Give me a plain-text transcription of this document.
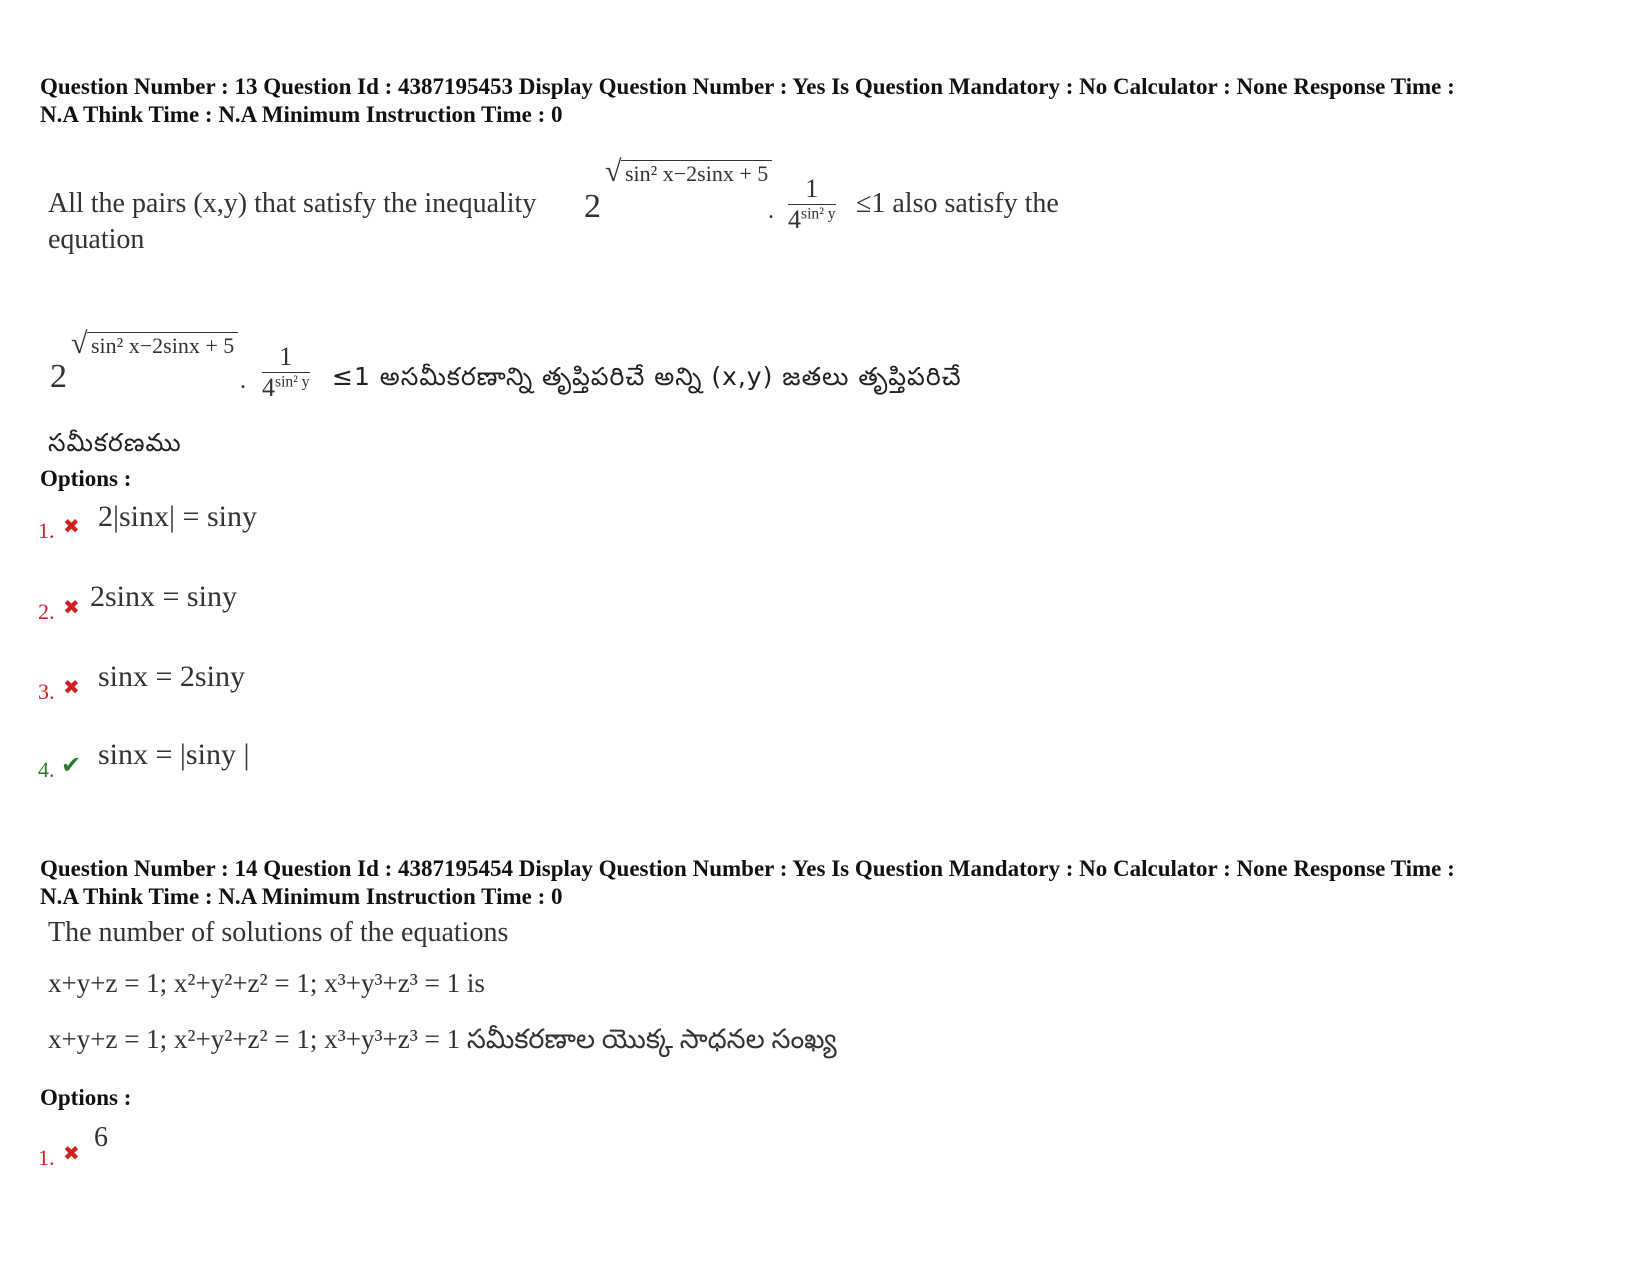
Question Number : 13 Question Id : 4387195453 Display Question Number : Yes Is Question Mandatory : No Calculator : None Response Time :
N.A Think Time : N.A Minimum Instruction Time : 0
All the pairs (x,y) that satisfy the inequality 2 √ sin² x−2sinx + 5
. $\frac{1}{4^{sin^2 y}} \le 1$ also satisfy the
equation
2 √ sin² x−2sinx + 5
. $\frac{1}{4^{sin^2 y}} \le 1$ అసమీకరణాన్ని తృప్తిపరిచే అన్ని (x,y) జతలు తృప్తిపరిచే
సమీకరణము
Options :
1. ✖ 2|sinx| = siny
2. ✖ 2sinx = siny
3. ✖ sinx = 2siny
4. ✔ sinx = |siny |
Question Number : 14 Question Id : 4387195454 Display Question Number : Yes Is Question Mandatory : No Calculator : None Response Time :
N.A Think Time : N.A Minimum Instruction Time : 0
The number of solutions of the equations
x+y+z = 1; x²+y²+z² = 1; x³+y³+z³ = 1 is
x+y+z = 1; x²+y²+z² = 1; x³+y³+z³ = 1 సమీకరణాల యొక్క సాధనల సంఖ్య
Options :
1. ✖ 6
